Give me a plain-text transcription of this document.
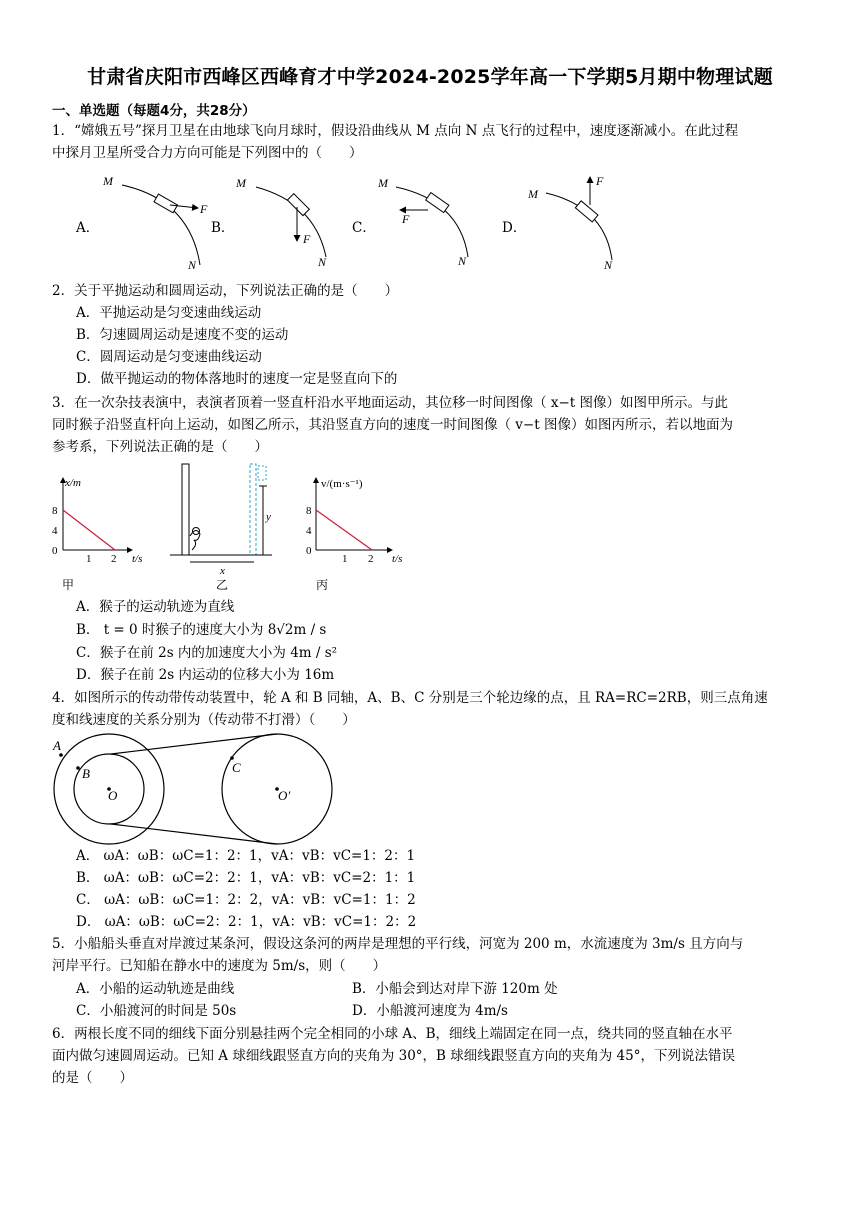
甘肃省庆阳市西峰区西峰育才中学2024-2025学年高一下学期5月期中物理试题
一、单选题（每题4分，共28分）
1．“嫦娥五号”探月卫星在由地球飞向月球时，假设沿曲线从 M 点向 N 点飞行的过程中，速度逐渐减小。在此过程
中探月卫星所受合力方向可能是下列图中的（　　）
A．	B．	C．	D．
M
F
N
M
F
N
M
F
N
M
F
N
2．关于平抛运动和圆周运动，下列说法正确的是（　　）
A．平抛运动是匀变速曲线运动
B．匀速圆周运动是速度不变的运动
C．圆周运动是匀变速曲线运动
D．做平抛运动的物体落地时的速度一定是竖直向下的
3．在一次杂技表演中，表演者顶着一竖直杆沿水平地面运动，其位移一时间图像（ x−t 图像）如图甲所示。与此
同时猴子沿竖直杆向上运动，如图乙所示，其沿竖直方向的速度一时间图像（ v−t 图像）如图丙所示，若以地面为
参考系，下列说法正确的是（　　）
x/m
t/s
8
4
0
1 2
甲
y
x
乙
v/(m·s⁻¹)
t/s
8
4
0
1 2
丙
A．猴子的运动轨迹为直线
B． t = 0 时猴子的速度大小为 8√2m / s
C．猴子在前 2s 内的加速度大小为 4m / s²
D．猴子在前 2s 内运动的位移大小为 16m
4．如图所示的传动带传动装置中，轮 A 和 B 同轴，A、B、C 分别是三个轮边缘的点，且 RA=RC=2RB，则三点角速
度和线速度的关系分别为（传动带不打滑）（　　）
A
B	C
O	O′
A． ωA：ωB：ωC=1：2：1，vA：vB：vC=1：2：1
B． ωA：ωB：ωC=2：2：1，vA：vB：vC=2：1：1
C． ωA：ωB：ωC=1：2：2，vA：vB：vC=1：1：2
D． ωA：ωB：ωC=2：2：1，vA：vB：vC=1：2：2
5．小船船头垂直对岸渡过某条河，假设这条河的两岸是理想的平行线，河宽为 200 m，水流速度为 3m/s 且方向与
河岸平行。已知船在静水中的速度为 5m/s，则（　　）
A．小船的运动轨迹是曲线	B．小船会到达对岸下游 120m 处
C．小船渡河的时间是 50s	D．小船渡河速度为 4m/s
6．两根长度不同的细线下面分别悬挂两个完全相同的小球 A、B，细线上端固定在同一点，绕共同的竖直轴在水平
面内做匀速圆周运动。已知 A 球细线跟竖直方向的夹角为 30°，B 球细线跟竖直方向的夹角为 45°，下列说法错误
的是（　　）
